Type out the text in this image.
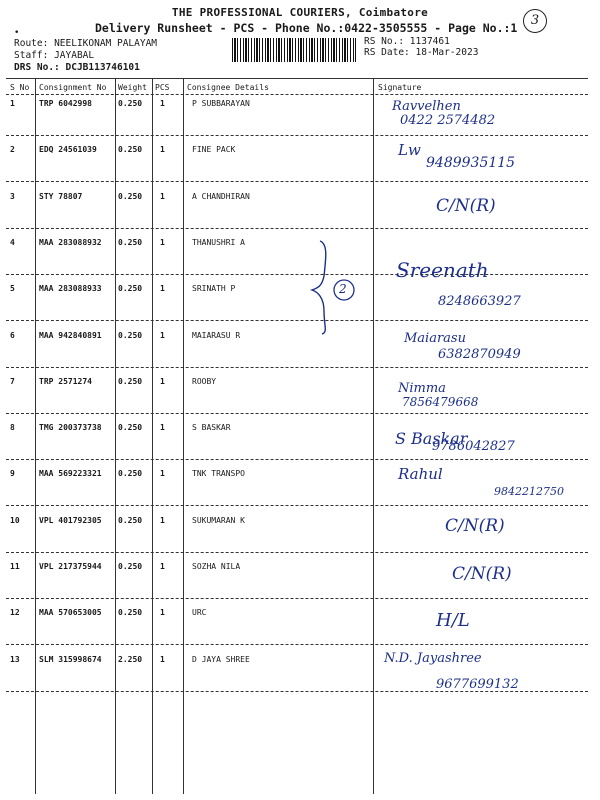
THE PROFESSIONAL COURIERS, Coimbatore
Delivery Runsheet - PCS - Phone No.:0422-3505555 - Page No.:1	3
•
Route: NEELIKONAM PALAYAM
Staff: JAYABAL
DRS No.: DCJB113746101
RS No.: 1137461
RS Date: 18-Mar-2023
S No Consignment No Weight PCS Consignee Details	Signature
1	TRP 6042998	0.250 1	P SUBBARAYAN	Ravvelhen
0422 2574482
2	EDQ 24561039	0.250 1	FINE PACK	Lw
9489935115
3	STY 78807	0.250 1	A CHANDHIRAN	C/N(R)
4	MAA 283088932 0.250 1	THANUSHRI A
5	MAA 283088933 0.250 1	SRINATH P
Sreenath
8248663927
6	MAA 942840891 0.250 1	MAIARASU R	Maiarasu
6382870949
7	TRP 2571274	0.250 1	ROOBY	Nimma
7856479668
8	TMG 200373738 0.250 1	S BASKAR
S Baskar
9786042827
9	MAA 569223321 0.250 1	TNK TRANSPO	Rahul
9842212750
10 VPL 401792305 0.250 1	SUKUMARAN K	C/N(R)
11 VPL 217375944 0.250 1	SOZHA NILA	C/N(R)
12 MAA 570653005 0.250 1	URC	H/L
13 SLM 315998674 2.250 1	D JAYA SHREE	N.D. Jayashree
9677699132
2
